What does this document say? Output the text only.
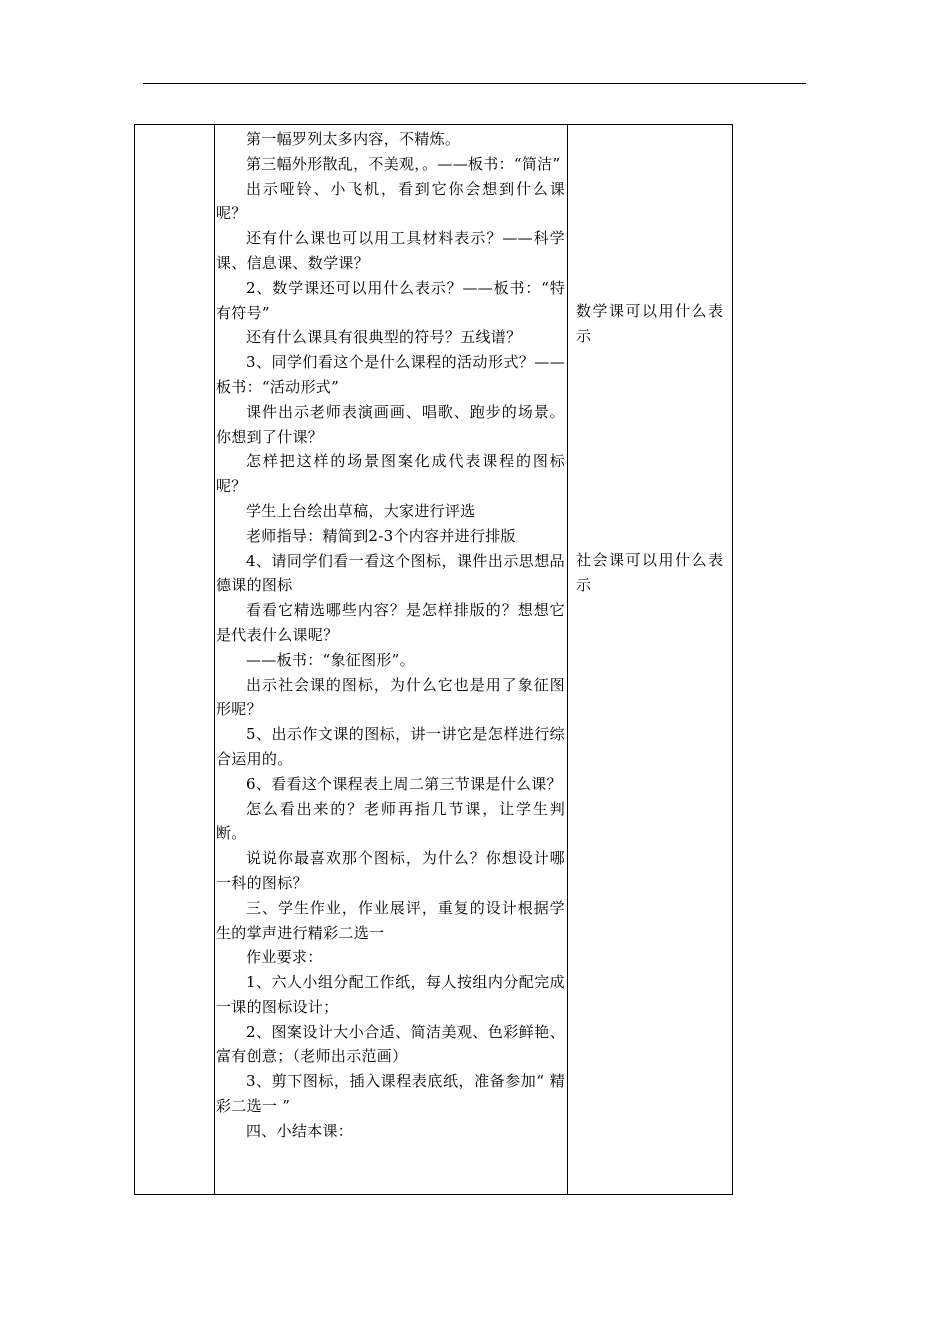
第一幅罗列太多内容，不精炼。

第三幅外形散乱，不美观，。——板书：“简洁”

出示哑铃、小飞机，看到它你会想到什么课呢？

还有什么课也可以用工具材料表示？——科学课、信息课、数学课？

2、数学课还可以用什么表示？——板书：“特有符号”

还有什么课具有很典型的符号？五线谱？

3、同学们看这个是什么课程的活动形式？——板书：“活动形式”

课件出示老师表演画画、唱歌、跑步的场景。你想到了什课？

怎样把这样的场景图案化成代表课程的图标呢？

学生上台绘出草稿，大家进行评选

老师指导：精简到2-3个内容并进行排版

4、请同学们看一看这个图标，课件出示思想品德课的图标

看看它精选哪些内容？是怎样排版的？想想它是代表什么课呢？

——板书：“象征图形”。

出示社会课的图标，为什么它也是用了象征图形呢？

5、出示作文课的图标，讲一讲它是怎样进行综合运用的。

6、看看这个课程表上周二第三节课是什么课？

怎么看出来的？老师再指几节课，让学生判断。

说说你最喜欢那个图标，为什么？你想设计哪一科的图标？

三、学生作业，作业展评，重复的设计根据学生的掌声进行精彩二选一

作业要求：

1、六人小组分配工作纸，每人按组内分配完成一课的图标设计；

2、图案设计大小合适、简洁美观、色彩鲜艳、富有创意；（老师出示范画）

3、剪下图标，插入课程表底纸，准备参加“ 精彩二选一 ”

四、小结本课：

数学课可以用什么表示

社会课可以用什么表示
